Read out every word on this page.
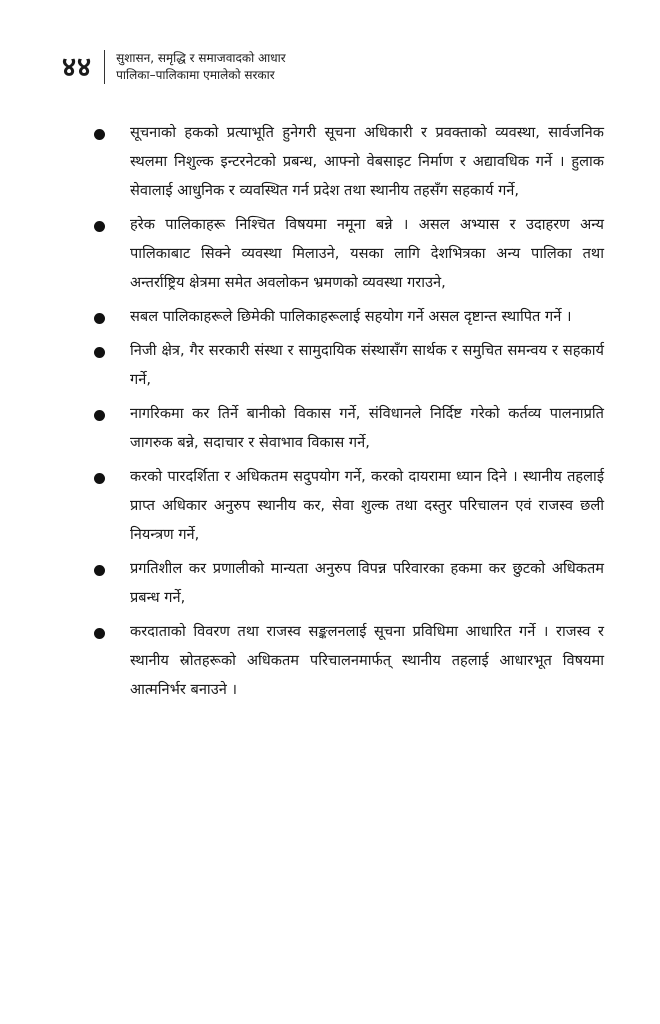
४४ सुशासन, समृद्धि र समाजवादको आधार
पालिका–पालिकामा एमालेको सरकार
सूचनाको हकको प्रत्याभूति हुनेगरी सूचना अधिकारी र प्रवक्ताको व्यवस्था, सार्वजनिक स्थलमा निशुल्क इन्टरनेटको प्रबन्ध, आफ्नो वेबसाइट निर्माण र अद्यावधिक गर्ने । हुलाक सेवालाई आधुनिक र व्यवस्थित गर्न प्रदेश तथा स्थानीय तहसँग सहकार्य गर्ने,
हरेक पालिकाहरू निश्चित विषयमा नमूना बन्ने । असल अभ्यास र उदाहरण अन्य पालिकाबाट सिक्ने व्यवस्था मिलाउने, यसका लागि देशभित्रका अन्य पालिका तथा अन्तर्राष्ट्रिय क्षेत्रमा समेत अवलोकन भ्रमणको व्यवस्था गराउने,
सबल पालिकाहरूले छिमेकी पालिकाहरूलाई सहयोग गर्ने असल दृष्टान्त स्थापित गर्ने ।
निजी क्षेत्र, गैर सरकारी संस्था र सामुदायिक संस्थासँग सार्थक र समुचित समन्वय र सहकार्य गर्ने,
नागरिकमा कर तिर्ने बानीको विकास गर्ने, संविधानले निर्दिष्ट गरेको कर्तव्य पालनाप्रति जागरुक बन्ने, सदाचार र सेवाभाव विकास गर्ने,
करको पारदर्शिता र अधिकतम सदुपयोग गर्ने, करको दायरामा ध्यान दिने । स्थानीय तहलाई प्राप्त अधिकार अनुरुप स्थानीय कर, सेवा शुल्क तथा दस्तुर परिचालन एवं राजस्व छली नियन्त्रण गर्ने,
प्रगतिशील कर प्रणालीको मान्यता अनुरुप विपन्न परिवारका हकमा कर छुटको अधिकतम प्रबन्ध गर्ने,
करदाताको विवरण तथा राजस्व सङ्कलनलाई सूचना प्रविधिमा आधारित गर्ने । राजस्व र स्थानीय स्रोतहरूको अधिकतम परिचालनमार्फत् स्थानीय तहलाई आधारभूत विषयमा आत्मनिर्भर बनाउने ।
